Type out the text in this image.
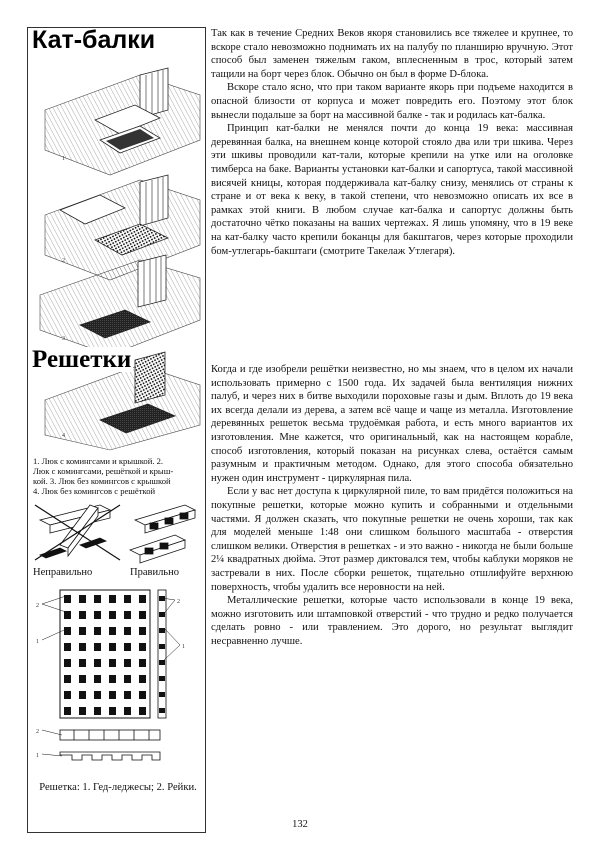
1
2
3
4
2
1
2
1
2
1
Кат-балки
Решетки
1. Люк с комингсами и крышкой. 2.
Люк с комингсами, решёткой и крыш-
кой. 3. Люк без комингсов с крышкой
4. Люк без комингсов с решёткой
Неправильно	Правильно
Решетка: 1. Гед-леджесы; 2. Рейки.

Так как в течение Средних Веков якоря становились все тяжелее и крупнее, то вскоре стало невозможно поднимать их на палубу по планширю вручную. Этот способ был заменен тяжелым гаком, вплесненным в трос, который затем тащили на борт через блок. Обычно он был в форме D-блока.

Вскоре стало ясно, что при таком варианте якорь при подъеме находится в опасной близости от корпуса и может повредить его. Поэтому этот блок вынесли подальше за борт на массивной балке - так и родилась кат-балка.

Принцип кат-балки не менялся почти до конца 19 века: массивная деревянная балка, на внешнем конце которой стояло два или три шкива. Через эти шкивы проводили кат-тали, которые крепили на утке или на оголовке тимберса на баке. Варианты установки кат-балки и сапортуса, такой массивной висячей кницы, которая поддерживала кат-балку снизу, менялись от страны к стране и от века к веку, в такой степени, что невозможно описать их все в рамках этой книги. В любом случае кат-балка и сапортус должны быть достаточно чётко показаны на ваших чертежах. Я лишь упомяну, что в 19 веке на кат-балку часто крепили боканцы для бакштагов, через которые проходили бом-утлегарь-бакштаги (смотрите Такелаж Утлегаря).

Когда и где изобрели решётки неизвестно, но мы знаем, что в целом их начали использовать примерно с 1500 года. Их задачей была вентиляция нижних палуб, и через них в битве выходили пороховые газы и дым. Вплоть до 19 века их всегда делали из дерева, а затем всё чаще и чаще из металла. Изготовление деревянных решеток весьма трудоёмкая работа, и есть много вариантов их изготовления. Мне кажется, что оригинальный, как на настоящем корабле, способ изготовления, который показан на рисунках слева, остаётся самым разумным и практичным методом. Однако, для этого способа обязательно нужен один инструмент - циркулярная пила.

Если у вас нет доступа к циркулярной пиле, то вам придётся положиться на покупные решетки, которые можно купить и собранными и отдельными частями. Я должен сказать, что покупные решетки не очень хороши, так как для моделей меньше 1:48 они слишком большого масштаба - отверстия слишком велики. Отверстия в решетках - и это важно - никогда не были больше 2¼ квадратных дюйма. Этот размер диктовался тем, чтобы каблуки моряков не застревали в них. После сборки решеток, тщательно отшлифуйте верхнюю поверхность, чтобы удалить все неровности на ней.

Металлические решетки, которые часто использовали в конце 19 века, можно изготовить или штамповкой отверстий - что трудно и редко получается сделать ровно - или травлением. Это дорого, но результат выглядит несравненно лучше.

132
